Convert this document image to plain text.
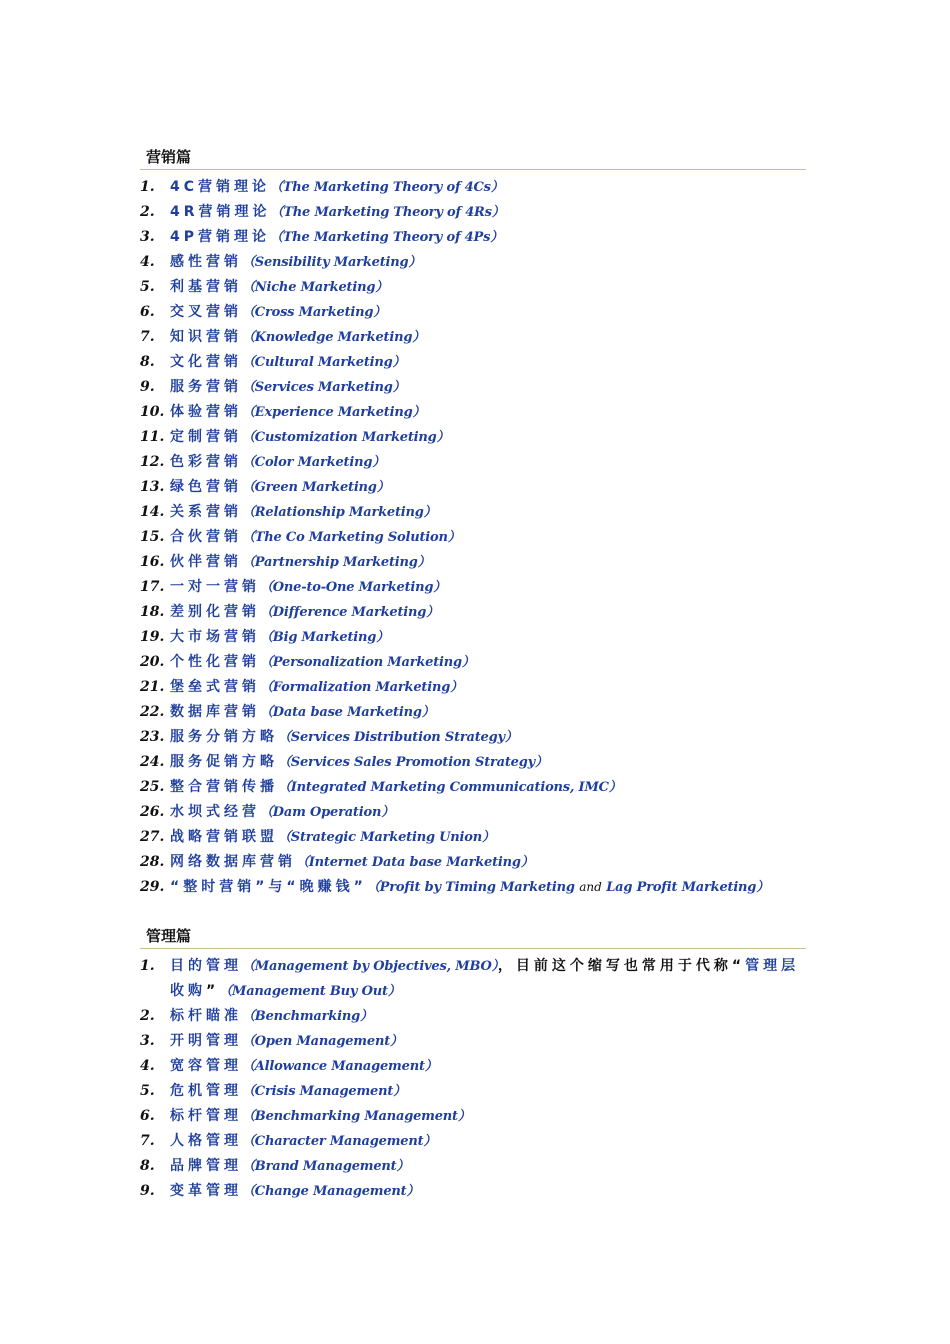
营销篇
1.	4C营销理论（The Marketing Theory of 4Cs）
2.	4R营销理论（The Marketing Theory of 4Rs）
3.	4P营销理论（The Marketing Theory of 4Ps）
4.	感性营销（Sensibility Marketing）
5.	利基营销（Niche Marketing）
6.	交叉营销（Cross Marketing）
7.	知识营销（Knowledge Marketing）
8.	文化营销（Cultural Marketing）
9.	服务营销（Services Marketing）
10. 体验营销（Experience Marketing）
11. 定制营销（Customization Marketing）
12. 色彩营销（Color Marketing）
13. 绿色营销（Green Marketing）
14. 关系营销（Relationship Marketing）
15. 合伙营销（The Co Marketing Solution）
16. 伙伴营销（Partnership Marketing）
17. 一对一营销（One-to-One Marketing）
18. 差别化营销（Difference Marketing）
19. 大市场营销（Big Marketing）
20. 个性化营销（Personalization Marketing）
21. 堡垒式营销（Formalization Marketing）
22. 数据库营销（Data base Marketing）
23. 服务分销方略（Services Distribution Strategy）
24. 服务促销方略（Services Sales Promotion Strategy）
25. 整合营销传播（Integrated Marketing Communications, IMC）
26. 水坝式经营（Dam Operation）
27. 战略营销联盟（Strategic Marketing Union）
28. 网络数据库营销（Internet Data base Marketing）
29. “整时营销”与“晚赚钱”（Profit by Timing Marketing and Lag Profit Marketing）
管理篇
1.	目的管理（Management by Objectives, MBO），目前这个缩写也常用于代称“管理层收购”（Management Buy Out）
2.	标杆瞄准（Benchmarking）
3.	开明管理（Open Management）
4.	宽容管理（Allowance Management）
5.	危机管理（Crisis Management）
6.	标杆管理（Benchmarking Management）
7.	人格管理（Character Management）
8.	品牌管理（Brand Management）
9.	变革管理（Change Management）
